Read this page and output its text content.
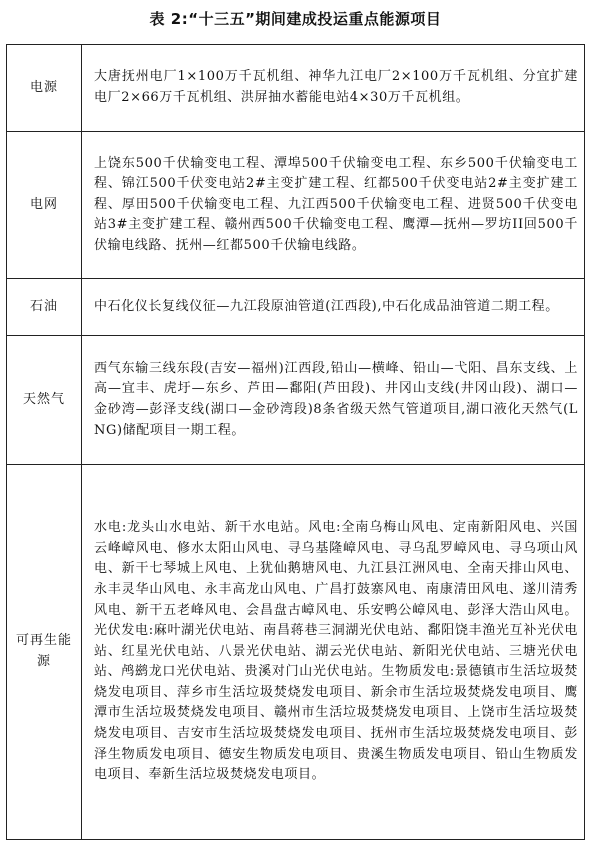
表 2:“十三五”期间建成投运重点能源项目
电源	大唐抚州电厂1×100万千瓦机组、神华九江电厂2×100万千瓦机组、分宜扩建电厂2×66万千瓦机组、洪屏抽水蓄能电站4×30万千瓦机组。
电网	上饶东500千伏输变电工程、潭埠500千伏输变电工程、东乡500千伏输变电工程、锦江500千伏变电站2#主变扩建工程、红都500千伏变电站2#主变扩建工程、厚田500千伏输变电工程、九江西500千伏输变电工程、进贤500千伏变电站3#主变扩建工程、赣州西500千伏输变电工程、鹰潭—抚州—罗坊II回500千伏输电线路、抚州—红都500千伏输电线路。
石油	中石化仪长复线仪征—九江段原油管道(江西段),中石化成品油管道二期工程。
天然气	西气东输三线东段(吉安—福州)江西段,铅山—横峰、铅山—弋阳、昌东支线、上高—宜丰、虎圩—东乡、芦田—鄱阳(芦田段)、井冈山支线(井冈山段)、湖口—金砂湾—彭泽支线(湖口—金砂湾段)8条省级天然气管道项目,湖口液化天然气(LNG)储配项目一期工程。
可再生能源	水电:龙头山水电站、新干水电站。风电:全南乌梅山风电、定南新阳风电、兴国云峰嶂风电、修水太阳山风电、寻乌基隆嶂风电、寻乌乱罗嶂风电、寻乌项山风电、新干七琴城上风电、上犹仙鹅塘风电、九江县江洲风电、全南天排山风电、永丰灵华山风电、永丰高龙山风电、广昌打鼓寨风电、南康清田风电、遂川清秀风电、新干五老峰风电、会昌盘古嶂风电、乐安鸭公嶂风电、彭泽大浩山风电。光伏发电:麻叶湖光伏电站、南昌蒋巷三洞湖光伏电站、鄱阳饶丰渔光互补光伏电站、红星光伏电站、八景光伏电站、湖云光伏电站、新阳光伏电站、三塘光伏电站、鸬鹚龙口光伏电站、贵溪对门山光伏电站。生物质发电:景德镇市生活垃圾焚烧发电项目、萍乡市生活垃圾焚烧发电项目、新余市生活垃圾焚烧发电项目、鹰潭市生活垃圾焚烧发电项目、赣州市生活垃圾焚烧发电项目、上饶市生活垃圾焚烧发电项目、吉安市生活垃圾焚烧发电项目、抚州市生活垃圾焚烧发电项目、彭泽生物质发电项目、德安生物质发电项目、贵溪生物质发电项目、铅山生物质发电项目、奉新生活垃圾焚烧发电项目。
